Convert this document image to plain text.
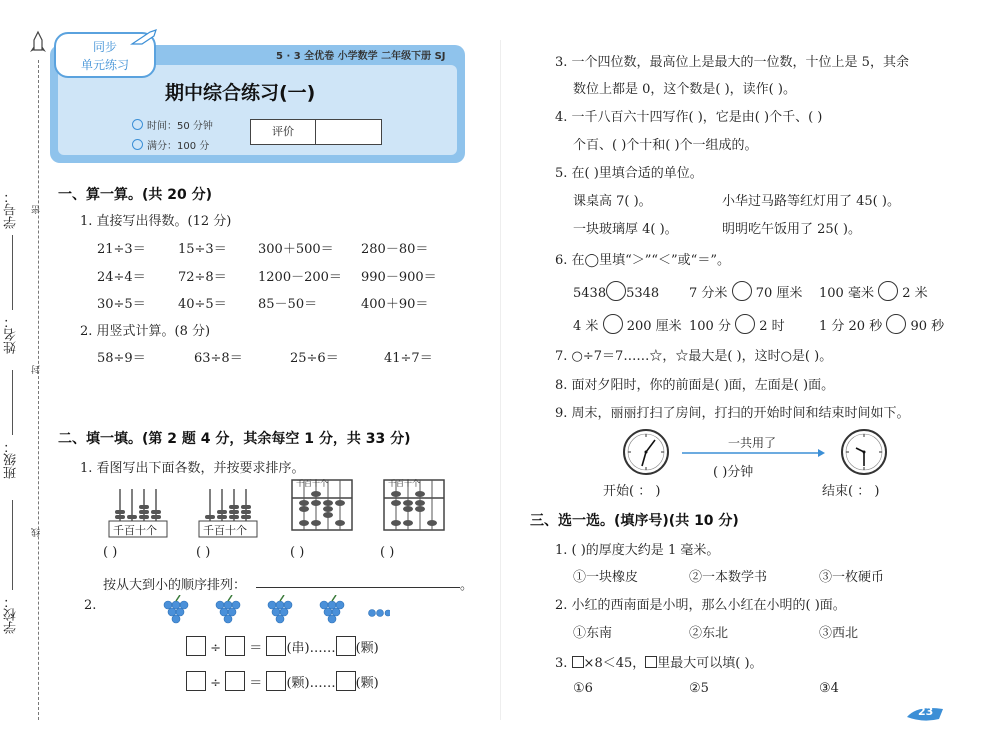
学校：
班级：
姓名：
学号：
线
封
密
同步
单元练习
5 · 3 全优卷 小学数学 二年级下册 SJ
期中综合练习(一)
时间：50 分钟
满分：100 分
评价
一、算一算。(共 20 分)
1. 直接写出得数。(12 分)
21÷3＝ 15÷3＝ 300＋500＝ 280－80＝
24÷4＝ 72÷8＝ 1200－200＝ 990－900＝
30÷5＝ 40÷5＝ 85－50＝	400＋90＝
2. 用竖式计算。(8 分)
58÷9＝	63÷8＝	25÷6＝	41÷7＝
二、填一填。(第 2 题 4 分，其余每空 1 分，共 33 分)
1. 看图写出下面各数，并按要求排序。
千百十个	千百十个
千百十个	千百十个
( )	( )	( )	( )
按从大到小的顺序排列：	。
2.
÷  ＝ (串)…… (颗)
÷  ＝ (颗)…… (颗)
3. 一个四位数，最高位上是最大的一位数，十位上是 5，其余
数位上都是 0，这个数是( )，读作( )。
4. 一千八百六十四写作( )，它是由( )个千、( )
个百、( )个十和( )个一组成的。
5. 在( )里填合适的单位。
课桌高 7( )。	小华过马路等红灯用了 45( )。
一块玻璃厚 4( )。	明明吃午饭用了 25( )。
6. 在◯里填“＞”“＜”或“＝”。
5438 5348 7 分米 70 厘米 100 毫米 2 米
4 米 200 厘米 100 分 2 时	1 分 20 秒 90 秒
7. ○÷7＝7……☆，☆最大是( )，这时○是( )。
8. 面对夕阳时，你的前面是( )面，左面是( )面。
9. 周末，丽丽打扫了房间，打扫的开始时间和结束时间如下。
一共用了
( )分钟
开始( ： )	结束( ： )
三、选一选。(填序号)(共 10 分)
1. ( )的厚度大约是 1 毫米。
①一块橡皮	②一本数学书	③一枚硬币
2. 小红的西南面是小明，那么小红在小明的( )面。
①东南	②东北	③西北
3. ×8＜45， 里最大可以填( )。
①6	②5	③4
23
